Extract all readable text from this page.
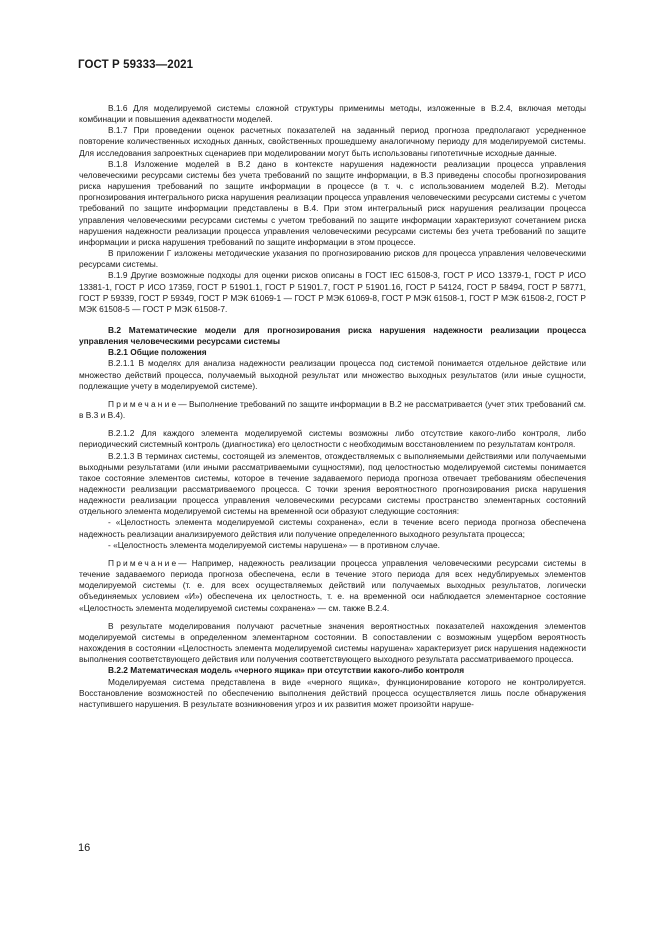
ГОСТ Р 59333—2021

В.1.6 Для моделируемой системы сложной структуры применимы методы, изложенные в В.2.4, включая методы комбинации и повышения адекватности моделей.

В.1.7 При проведении оценок расчетных показателей на заданный период прогноза предполагают усредненное повторение количественных исходных данных, свойственных прошедшему аналогичному периоду для моделируемой системы. Для исследования запроектных сценариев при моделировании могут быть использованы гипотетичные исходные данные.

В.1.8 Изложение моделей в В.2 дано в контексте нарушения надежности реализации процесса управления человеческими ресурсами системы без учета требований по защите информации, в В.3 приведены способы прогнозирования риска нарушения требований по защите информации в процессе (в т. ч. с использованием моделей В.2). Методы прогнозирования интегрального риска нарушения реализации процесса управления человеческими ресурсами системы с учетом требований по защите информации представлены в В.4. При этом интегральный риск нарушения реализации процесса управления человеческими ресурсами системы с учетом требований по защите информации характеризуют сочетанием риска нарушения надежности реализации процесса управления человеческими ресурсами системы без учета требований по защите информации и риска нарушения требований по защите информации в этом процессе.

В приложении Г изложены методические указания по прогнозированию рисков для процесса управления человеческими ресурсами системы.

В.1.9 Другие возможные подходы для оценки рисков описаны в ГОСТ IEC 61508-3, ГОСТ Р ИСО 13379-1, ГОСТ Р ИСО 13381-1, ГОСТ Р ИСО 17359, ГОСТ Р 51901.1, ГОСТ Р 51901.7, ГОСТ Р 51901.16, ГОСТ Р 54124, ГОСТ Р 58494, ГОСТ Р 58771, ГОСТ Р 59339, ГОСТ Р 59349, ГОСТ Р МЭК 61069-1 — ГОСТ Р МЭК 61069-8, ГОСТ Р МЭК 61508-1, ГОСТ Р МЭК 61508-2, ГОСТ Р МЭК 61508-5 — ГОСТ Р МЭК 61508-7.

В.2 Математические модели для прогнозирования риска нарушения надежности реализации процесса управления человеческими ресурсами системы

В.2.1 Общие положения

В.2.1.1 В моделях для анализа надежности реализации процесса под системой понимается отдельное действие или множество действий процесса, получаемый выходной результат или множество выходных результатов (или иные сущности, подлежащие учету в моделируемой системе).

Примечание— Выполнение требований по защите информации в В.2 не рассматривается (учет этих требований см. в В.3 и В.4).

В.2.1.2 Для каждого элемента моделируемой системы возможны либо отсутствие какого-либо контроля, либо периодический системный контроль (диагностика) его целостности с необходимым восстановлением по результатам контроля.

В.2.1.3 В терминах системы, состоящей из элементов, отождествляемых с выполняемыми действиями или получаемыми выходными результатами (или иными рассматриваемыми сущностями), под целостностью моделируемой системы понимается такое состояние элементов системы, которое в течение задаваемого периода прогноза отвечает требованиям обеспечения надежности реализации рассматриваемого процесса. С точки зрения вероятностного прогнозирования риска нарушения надежности реализации процесса управления человеческими ресурсами системы пространство элементарных состояний отдельного элемента моделируемой системы на временной оси образуют следующие состояния:

- «Целостность элемента моделируемой системы сохранена», если в течение всего периода прогноза обеспечена надежность реализации анализируемого действия или получение определенного выходного результата процесса;

- «Целостность элемента моделируемой системы нарушена» — в противном случае.

Примечание— Например, надежность реализации процесса управления человеческими ресурсами системы в течение задаваемого периода прогноза обеспечена, если в течение этого периода для всех недублируемых элементов моделируемой системы (т. е. для всех осуществляемых действий или получаемых выходных результатов, логически объединяемых условием «И») обеспечена их целостность, т. е. на временной оси наблюдается элементарное состояние «Целостность элемента моделируемой системы сохранена» — см. также В.2.4.

В результате моделирования получают расчетные значения вероятностных показателей нахождения элементов моделируемой системы в определенном элементарном состоянии. В сопоставлении с возможным ущербом вероятность нахождения в состоянии «Целостность элемента моделируемой системы нарушена» характеризует риск нарушения надежности выполнения соответствующего действия или получения соответствующего выходного результата рассматриваемого процесса.

В.2.2 Математическая модель «черного ящика» при отсутствии какого-либо контроля

Моделируемая система представлена в виде «черного ящика», функционирование которого не контролируется. Восстановление возможностей по обеспечению выполнения действий процесса осуществляется лишь после обнаружения наступившего нарушения. В результате возникновения угроз и их развития может произойти наруше-

16
